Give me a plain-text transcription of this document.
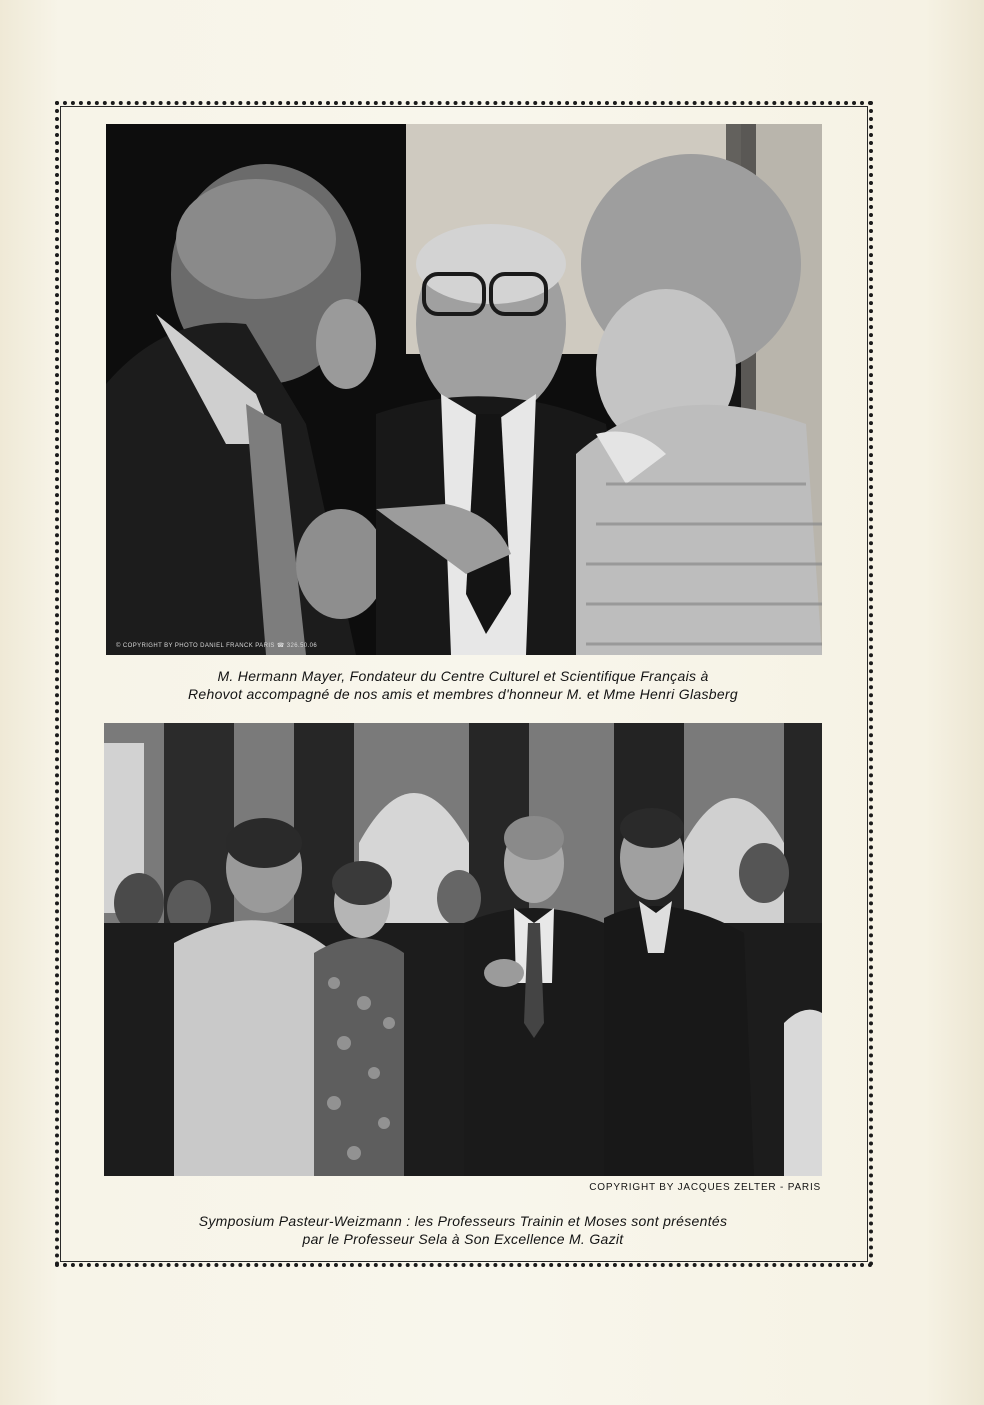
© COPYRIGHT BY PHOTO DANIEL FRANCK PARIS ☎ 326.50.06
M. Hermann Mayer, Fondateur du Centre Culturel et Scientifique Français à
Rehovot accompagné de nos amis et membres d'honneur M. et Mme Henri Glasberg
COPYRIGHT BY JACQUES ZELTER - PARIS
Symposium Pasteur-Weizmann : les Professeurs Trainin et Moses sont présentés
par le Professeur Sela à Son Excellence M. Gazit
